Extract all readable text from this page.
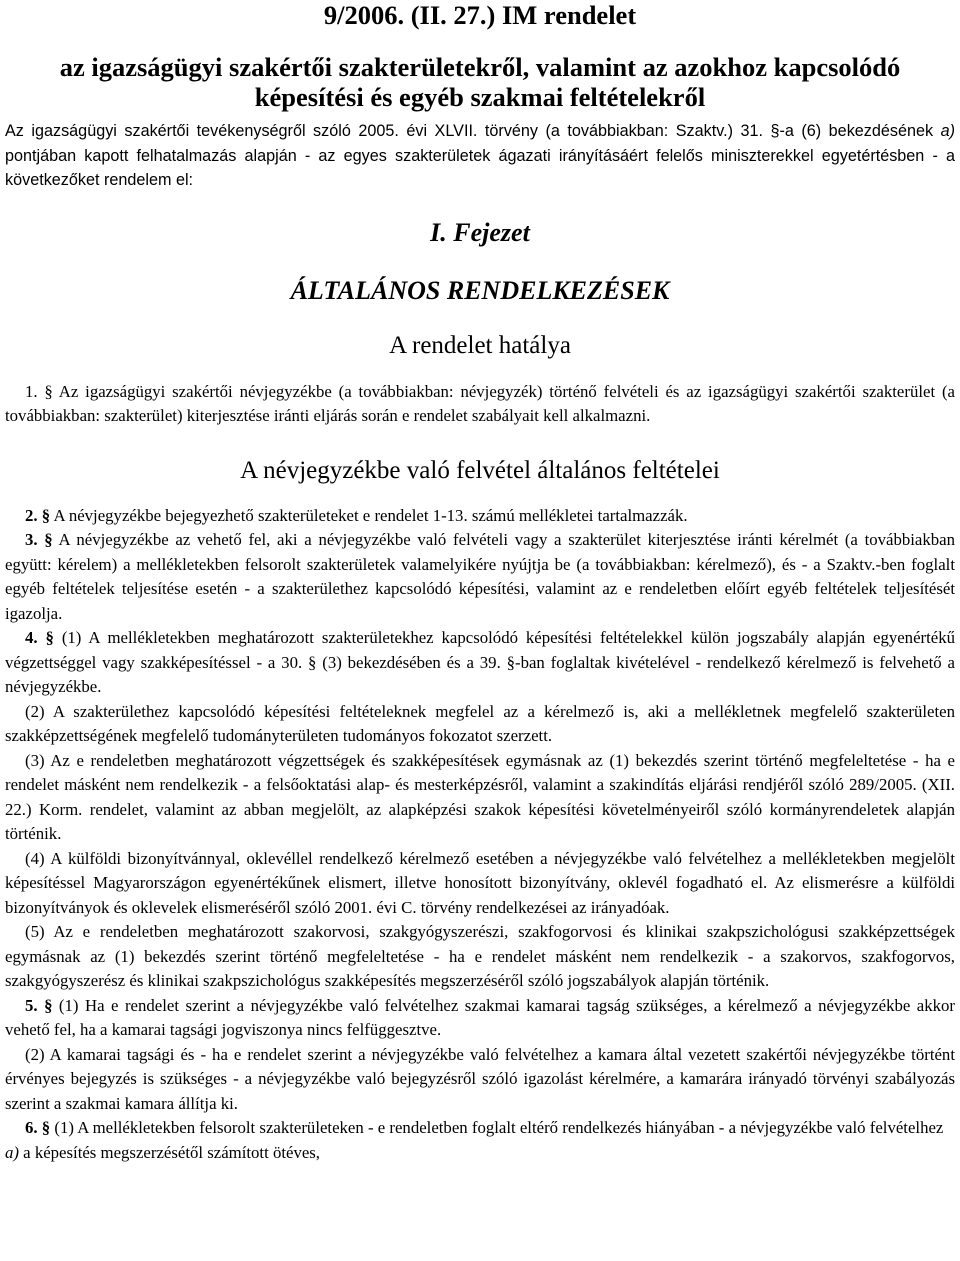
9/2006. (II. 27.) IM rendelet

az igazságügyi szakértői szakterületekről, valamint az azokhoz kapcsolódó

képesítési és egyéb szakmai feltételekről

Az igazságügyi szakértői tevékenységről szóló 2005. évi XLVII. törvény (a továbbiakban: Szaktv.) 31. §-a (6) bekezdésének a) pontjában kapott felhatalmazás alapján - az egyes szakterületek ágazati irányításáért felelős miniszterekkel egyetértésben - a következőket rendelem el:

I. Fejezet

ÁLTALÁNOS RENDELKEZÉSEK

A rendelet hatálya

1. § Az igazságügyi szakértői névjegyzékbe (a továbbiakban: névjegyzék) történő felvételi és az igazságügyi szakértői szakterület (a továbbiakban: szakterület) kiterjesztése iránti eljárás során e rendelet szabályait kell alkalmazni.

A névjegyzékbe való felvétel általános feltételei

2. § A névjegyzékbe bejegyezhető szakterületeket e rendelet 1-13. számú mellékletei tartalmazzák.

3. § A névjegyzékbe az vehető fel, aki a névjegyzékbe való felvételi vagy a szakterület kiterjesztése iránti kérelmét (a továbbiakban együtt: kérelem) a mellékletekben felsorolt szakterületek valamelyikére nyújtja be (a továbbiakban: kérelmező), és - a Szaktv.-ben foglalt egyéb feltételek teljesítése esetén - a szakterülethez kapcsolódó képesítési, valamint az e rendeletben előírt egyéb feltételek teljesítését igazolja.

4. § (1) A mellékletekben meghatározott szakterületekhez kapcsolódó képesítési feltételekkel külön jogszabály alapján egyenértékű végzettséggel vagy szakképesítéssel - a 30. § (3) bekezdésében és a 39. §-ban foglaltak kivételével - rendelkező kérelmező is felvehető a névjegyzékbe.

(2) A szakterülethez kapcsolódó képesítési feltételeknek megfelel az a kérelmező is, aki a mellékletnek megfelelő szakterületen szakképzettségének megfelelő tudományterületen tudományos fokozatot szerzett.

(3) Az e rendeletben meghatározott végzettségek és szakképesítések egymásnak az (1) bekezdés szerint történő megfeleltetése - ha e rendelet másként nem rendelkezik - a felsőoktatási alap- és mesterképzésről, valamint a szakindítás eljárási rendjéről szóló 289/2005. (XII. 22.) Korm. rendelet, valamint az abban megjelölt, az alapképzési szakok képesítési követelményeiről szóló kormányrendeletek alapján történik.

(4) A külföldi bizonyítvánnyal, oklevéllel rendelkező kérelmező esetében a névjegyzékbe való felvételhez a mellékletekben megjelölt képesítéssel Magyarországon egyenértékűnek elismert, illetve honosított bizonyítvány, oklevél fogadható el. Az elismerésre a külföldi bizonyítványok és oklevelek elismeréséről szóló 2001. évi C. törvény rendelkezései az irányadóak.

(5) Az e rendeletben meghatározott szakorvosi, szakgyógyszerészi, szakfogorvosi és klinikai szakpszichológusi szakképzettségek egymásnak az (1) bekezdés szerint történő megfeleltetése - ha e rendelet másként nem rendelkezik - a szakorvos, szakfogorvos, szakgyógyszerész és klinikai szakpszichológus szakképesítés megszerzéséről szóló jogszabályok alapján történik.

5. § (1) Ha e rendelet szerint a névjegyzékbe való felvételhez szakmai kamarai tagság szükséges, a kérelmező a névjegyzékbe akkor vehető fel, ha a kamarai tagsági jogviszonya nincs felfüggesztve.

(2) A kamarai tagsági és - ha e rendelet szerint a névjegyzékbe való felvételhez a kamara által vezetett szakértői névjegyzékbe történt érvényes bejegyzés is szükséges - a névjegyzékbe való bejegyzésről szóló igazolást kérelmére, a kamarára irányadó törvényi szabályozás szerint a szakmai kamara állítja ki.

6. § (1) A mellékletekben felsorolt szakterületeken - e rendeletben foglalt eltérő rendelkezés hiányában - a névjegyzékbe való felvételhez

a) a képesítés megszerzésétől számított ötéves,
